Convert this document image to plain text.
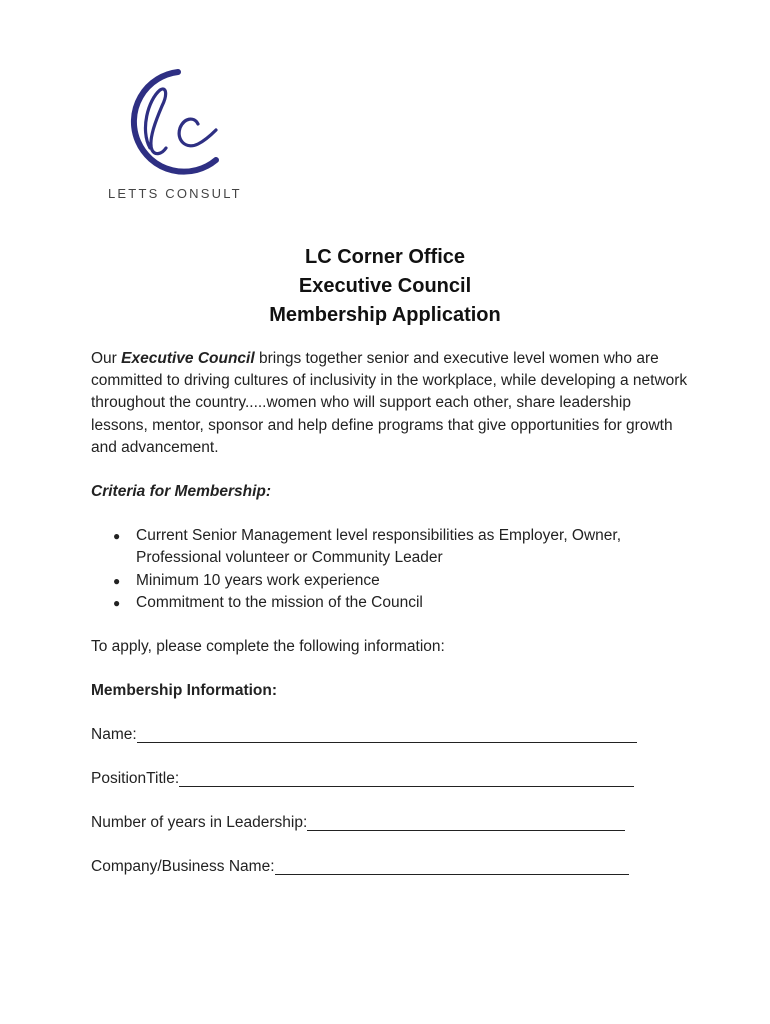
LETTS CONSULT
LC Corner Office
Executive Council
Membership Application

Our Executive Council brings together senior and executive level women who are committed to driving cultures of inclusivity in the workplace, while developing a network throughout the country.....women who will support each other, share leadership lessons, mentor, sponsor and help define programs that give opportunities for growth and advancement.

Criteria for Membership:

● Current Senior Management level responsibilities as Employer, Owner, Professional volunteer or Community Leader
● Minimum 10 years work experience
● Commitment to the mission of the Council

To apply, please complete the following information:

Membership Information:

Name:
PositionTitle:
Number of years in Leadership:
Company/Business Name:
